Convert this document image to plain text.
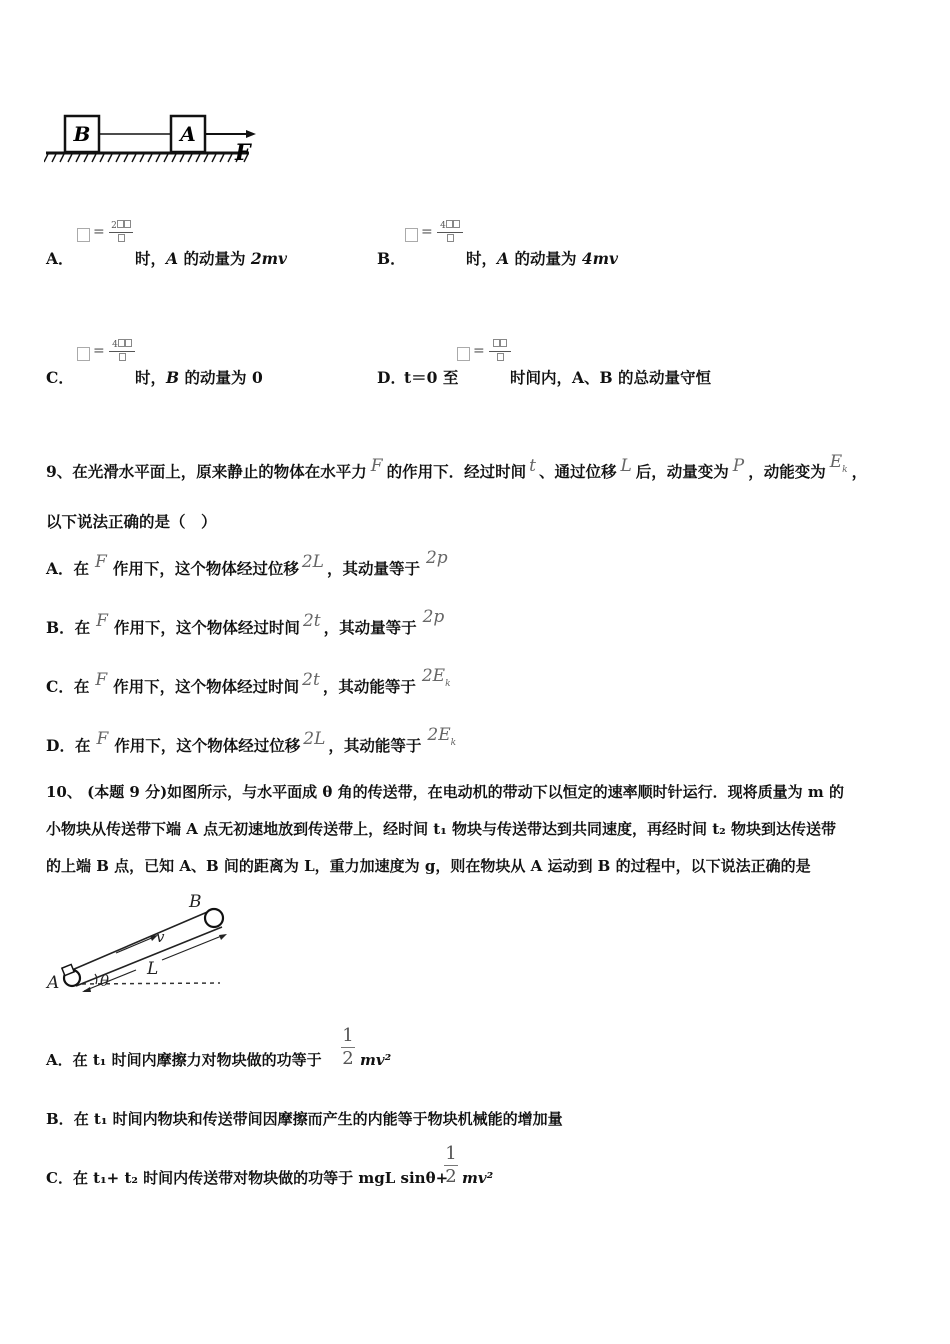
B	A
F
A．
= 2
时，A 的动量为 2mv	B．
= 4
时，A 的动量为 4mv
C．
= 4
时，B 的动量为 0	D．
t＝0 至
=
时间内，A、B 的总动量守恒
9、在光滑水平面上，原来静止的物体在水平力 F 的作用下．经过时间 t 、通过位移 L 后，动量变为 P ，动能变为 $E^k$ ，
以下说法正确的是（　）
A．在 F 作用下，这个物体经过位移 2L ，其动量等于2p
B．在 F 作用下，这个物体经过时间 2t ，其动量等于2p
C．在 F 作用下，这个物体经过时间 2t ，其动能等于$2E^k$
D．在 F 作用下，这个物体经过位移 2L ，其动能等于$2E^k$
10、 (本题 9 分)如图所示，与水平面成 θ 角的传送带，在电动机的带动下以恒定的速率顺时针运行．现将质量为 m 的
小物块从传送带下端 A 点无初速地放到传送带上，经时间 t₁ 物块与传送带达到共同速度，再经时间 t₂ 物块到达传送带
的上端 B 点，已知 A、B 间的距离为 L，重力加速度为 g，则在物块从 A 运动到 B 的过程中，以下说法正确的是
v
L
θ
A
B
A．在 t₁ 时间内摩擦力对物块做的功等于
1
2 mv²
B．在 t₁ 时间内物块和传送带间因摩擦而产生的内能等于物块机械能的增加量
C．在 t₁+ t₂ 时间内传送带对物块做的功等于 mgL sinθ+
1
2 mv²
